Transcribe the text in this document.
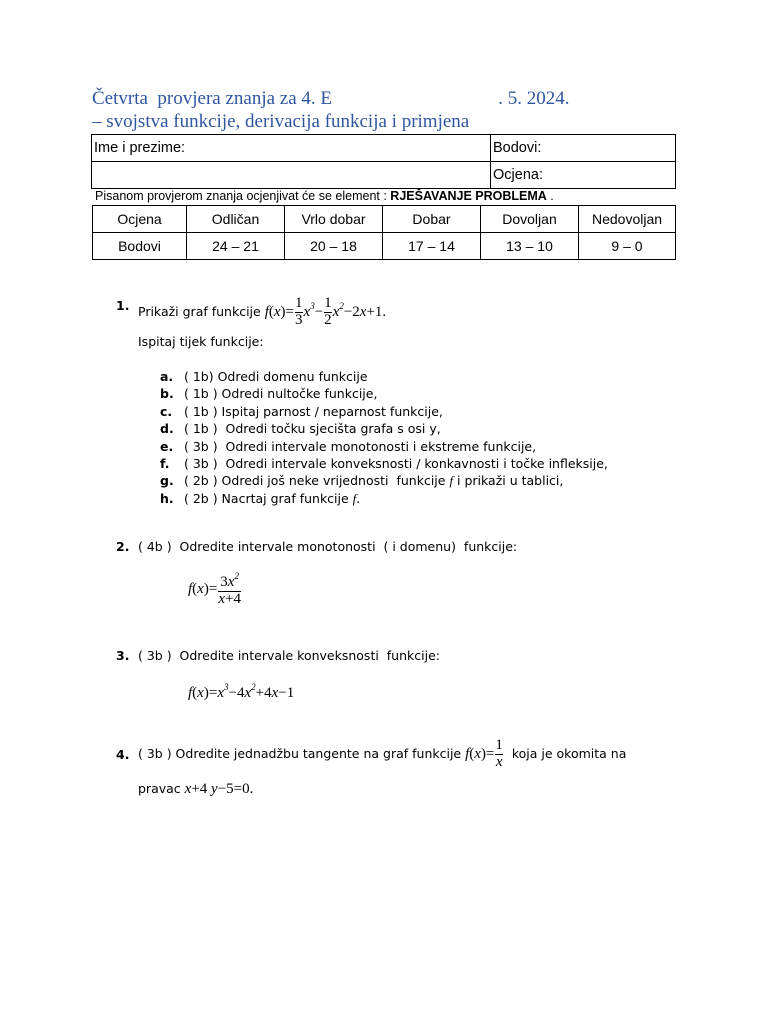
Četvrta  provjera znanja za 4. E                                   . 5. 2024.
– svojstva funkcije, derivacija funkcija i primjena
Ime i prezime:	Bodovi:
	Ocjena:
Pisanom provjerom znanja ocjenjivat će se element : RJEŠAVANJE PROBLEMA .
Ocjena	Odličan	Vrlo dobar	Dobar	Dovoljan	Nedovoljan
Bodovi	24 – 21	20 – 18	17 – 14	13 – 10	9 – 0
1. Prikaži graf funkcije $f(x)= \frac{1}{3} x^3- \frac{1}{2} x^2-2x+1$.
Ispitaj tijek funkcije:
a. ( 1b) Odredi domenu funkcije
b. ( 1b ) Odredi nultočke funkcije,
c. ( 1b ) Ispitaj parnost / neparnost funkcije,
d. ( 1b )  Odredi točku sjecišta grafa s osi y,
e. ( 3b )  Odredi intervale monotonosti i ekstreme funkcije,
f. ( 3b )  Odredi intervale konveksnosti / konkavnosti i točke infleksije,
g. ( 2b ) Odredi još neke vrijednosti  funkcije f i prikaži u tablici,
h. ( 2b ) Nacrtaj graf funkcije f.
2. ( 4b )  Odredite intervale monotonosti  ( i domenu)  funkcije:
$f(x)= \frac{3x^2}{x+4}$
3. ( 3b )  Odredite intervale konveksnosti  funkcije:
$f(x)=x^3-4x^2+4x-1$
4. ( 3b ) Odredite jednadžbu tangente na graf funkcije $f(x)= \frac{1}{x}$ koja je okomita na
pravac x+4 y−5=0.
